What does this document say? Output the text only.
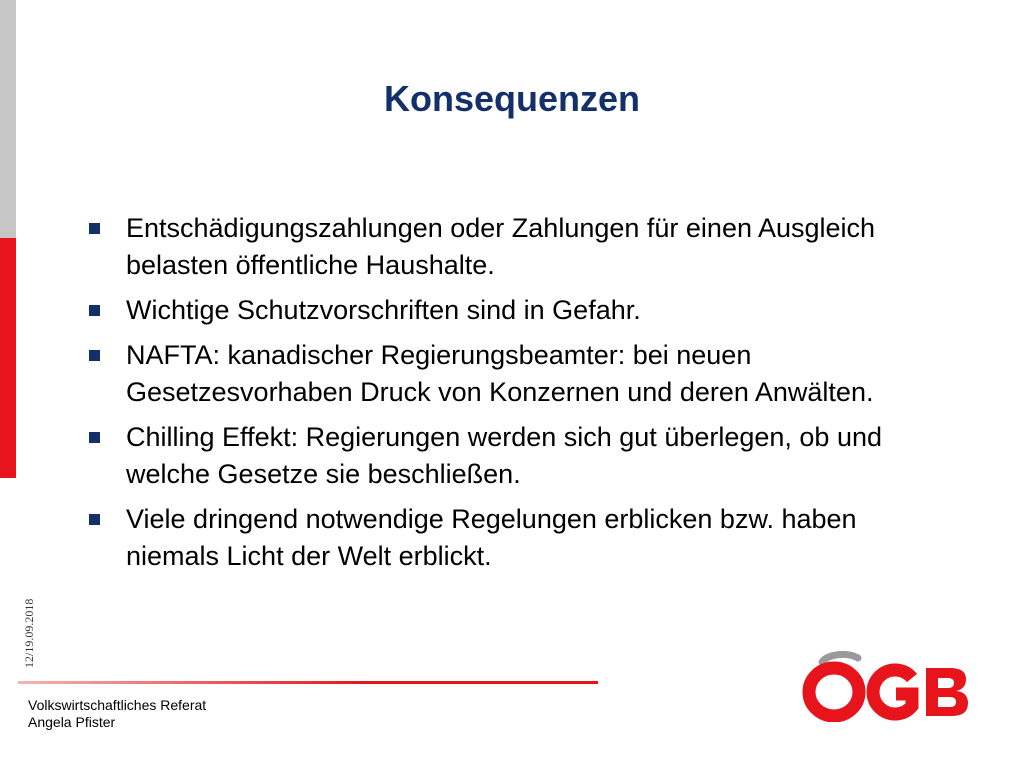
Konsequenzen
Entschädigungszahlungen oder Zahlungen für einen Ausgleich belasten öffentliche Haushalte.
Wichtige Schutzvorschriften sind in Gefahr.
NAFTA: kanadischer Regierungsbeamter: bei neuen Gesetzesvorhaben Druck von Konzernen und deren Anwälten.
Chilling Effekt: Regierungen werden sich gut überlegen, ob und welche Gesetze sie beschließen.
Viele dringend notwendige Regelungen erblicken bzw. haben niemals Licht der Welt erblickt.
12/19.09.2018
Volkswirtschaftliches Referat
Angela Pfister
